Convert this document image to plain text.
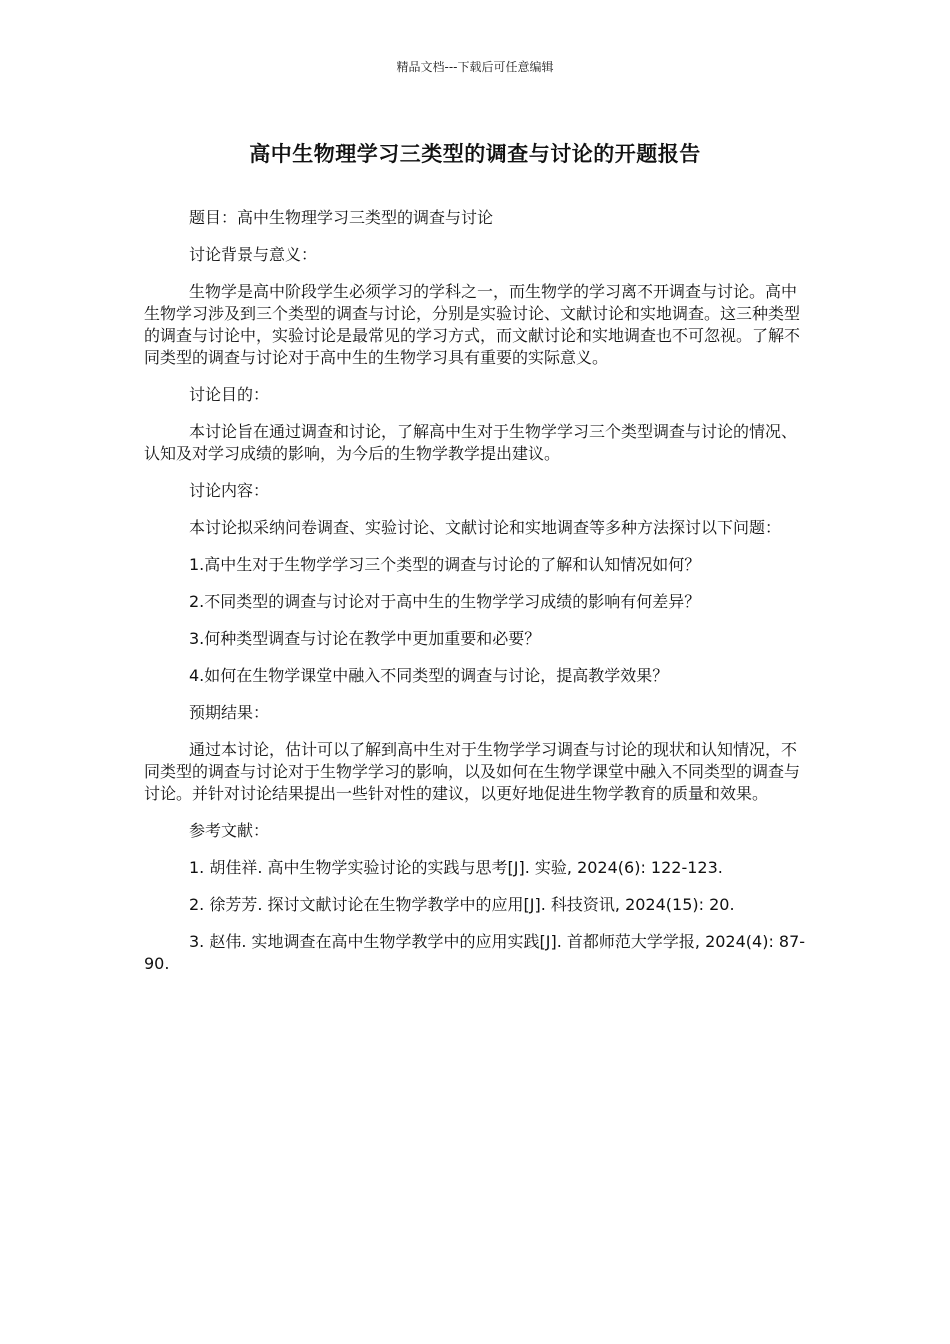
精品文档---下载后可任意编辑
高中生物理学习三类型的调查与讨论的开题报告

题目：高中生物理学习三类型的调查与讨论

讨论背景与意义：

生物学是高中阶段学生必须学习的学科之一，而生物学的学习离不开调查与讨论。高中生物学习涉及到三个类型的调查与讨论，分别是实验讨论、文献讨论和实地调查。这三种类型的调查与讨论中，实验讨论是最常见的学习方式，而文献讨论和实地调查也不可忽视。了解不同类型的调查与讨论对于高中生的生物学习具有重要的实际意义。

讨论目的：

本讨论旨在通过调查和讨论，了解高中生对于生物学学习三个类型调查与讨论的情况、认知及对学习成绩的影响，为今后的生物学教学提出建议。

讨论内容：

本讨论拟采纳问卷调查、实验讨论、文献讨论和实地调查等多种方法探讨以下问题：

1.高中生对于生物学学习三个类型的调查与讨论的了解和认知情况如何？

2.不同类型的调查与讨论对于高中生的生物学学习成绩的影响有何差异？

3.何种类型调查与讨论在教学中更加重要和必要？

4.如何在生物学课堂中融入不同类型的调查与讨论，提高教学效果？

预期结果：

通过本讨论，估计可以了解到高中生对于生物学学习调查与讨论的现状和认知情况，不同类型的调查与讨论对于生物学学习的影响，以及如何在生物学课堂中融入不同类型的调查与讨论。并针对讨论结果提出一些针对性的建议，以更好地促进生物学教育的质量和效果。

参考文献：

1. 胡佳祥. 高中生物学实验讨论的实践与思考[J]. 实验, 2024(6): 122-123.

2. 徐芳芳. 探讨文献讨论在生物学教学中的应用[J]. 科技资讯, 2024(15): 20.

3. 赵伟. 实地调查在高中生物学教学中的应用实践[J]. 首都师范大学学报, 2024(4): 87-90.
